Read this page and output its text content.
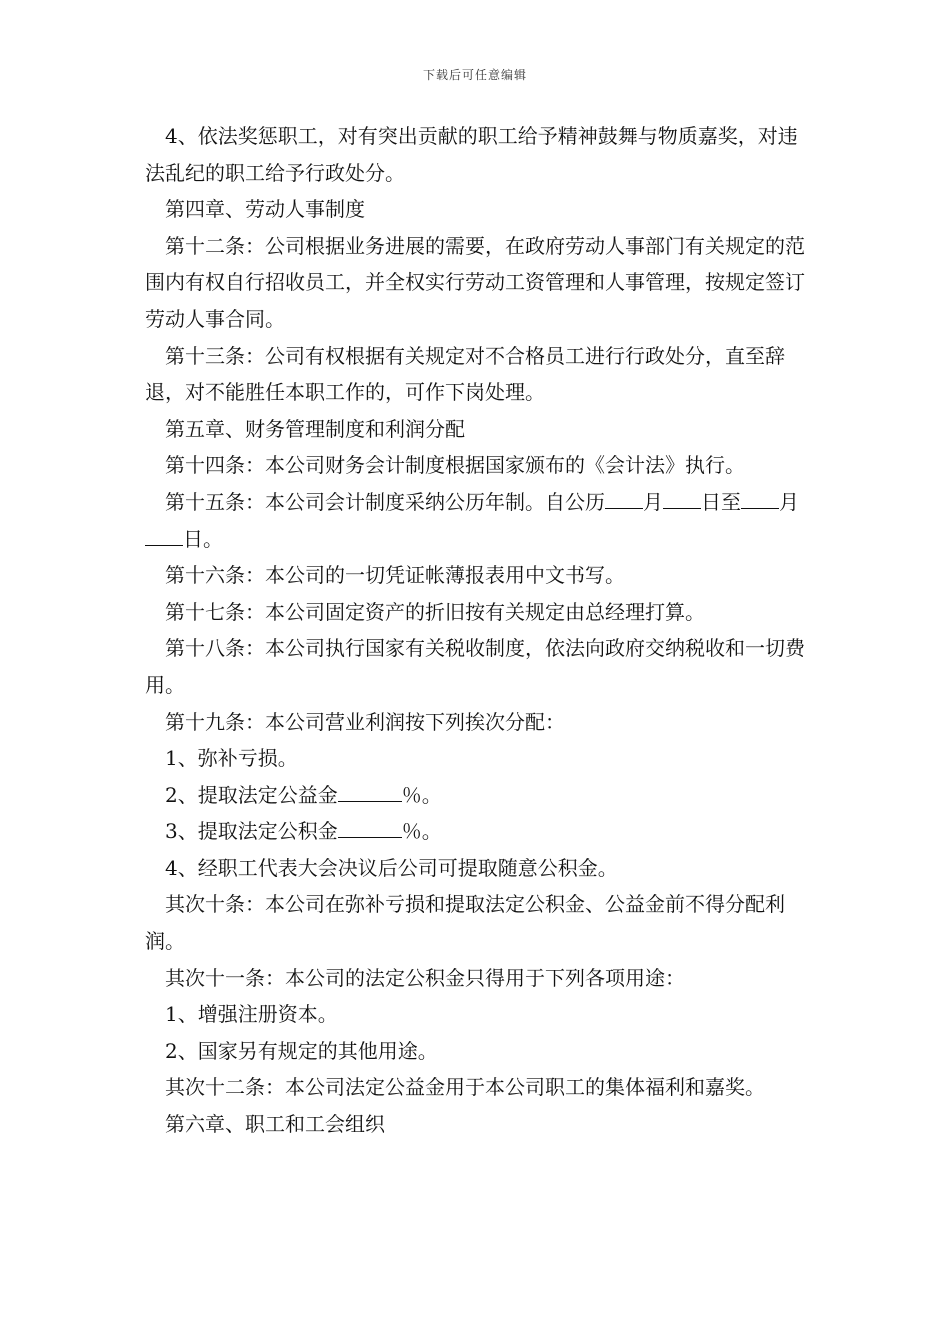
下载后可任意编辑

4、依法奖惩职工，对有突出贡献的职工给予精神鼓舞与物质嘉奖，对违法乱纪的职工给予行政处分。

第四章、劳动人事制度

第十二条：公司根据业务进展的需要，在政府劳动人事部门有关规定的范围内有权自行招收员工，并全权实行劳动工资管理和人事管理，按规定签订劳动人事合同。

第十三条：公司有权根据有关规定对不合格员工进行行政处分，直至辞退，对不能胜任本职工作的，可作下岗处理。

第五章、财务管理制度和利润分配

第十四条：本公司财务会计制度根据国家颁布的《会计法》执行。

第十五条：本公司会计制度采纳公历年制。自公历 月 日至 月日。

第十六条：本公司的一切凭证帐薄报表用中文书写。

第十七条：本公司固定资产的折旧按有关规定由总经理打算。

第十八条：本公司执行国家有关税收制度，依法向政府交纳税收和一切费用。

第十九条：本公司营业利润按下列挨次分配：

1、弥补亏损。

2、提取法定公益金	％。

3、提取法定公积金	％。

4、经职工代表大会决议后公司可提取随意公积金。

其次十条：本公司在弥补亏损和提取法定公积金、公益金前不得分配利润。

其次十一条：本公司的法定公积金只得用于下列各项用途：

1、增强注册资本。

2、国家另有规定的其他用途。

其次十二条：本公司法定公益金用于本公司职工的集体福利和嘉奖。

第六章、职工和工会组织
